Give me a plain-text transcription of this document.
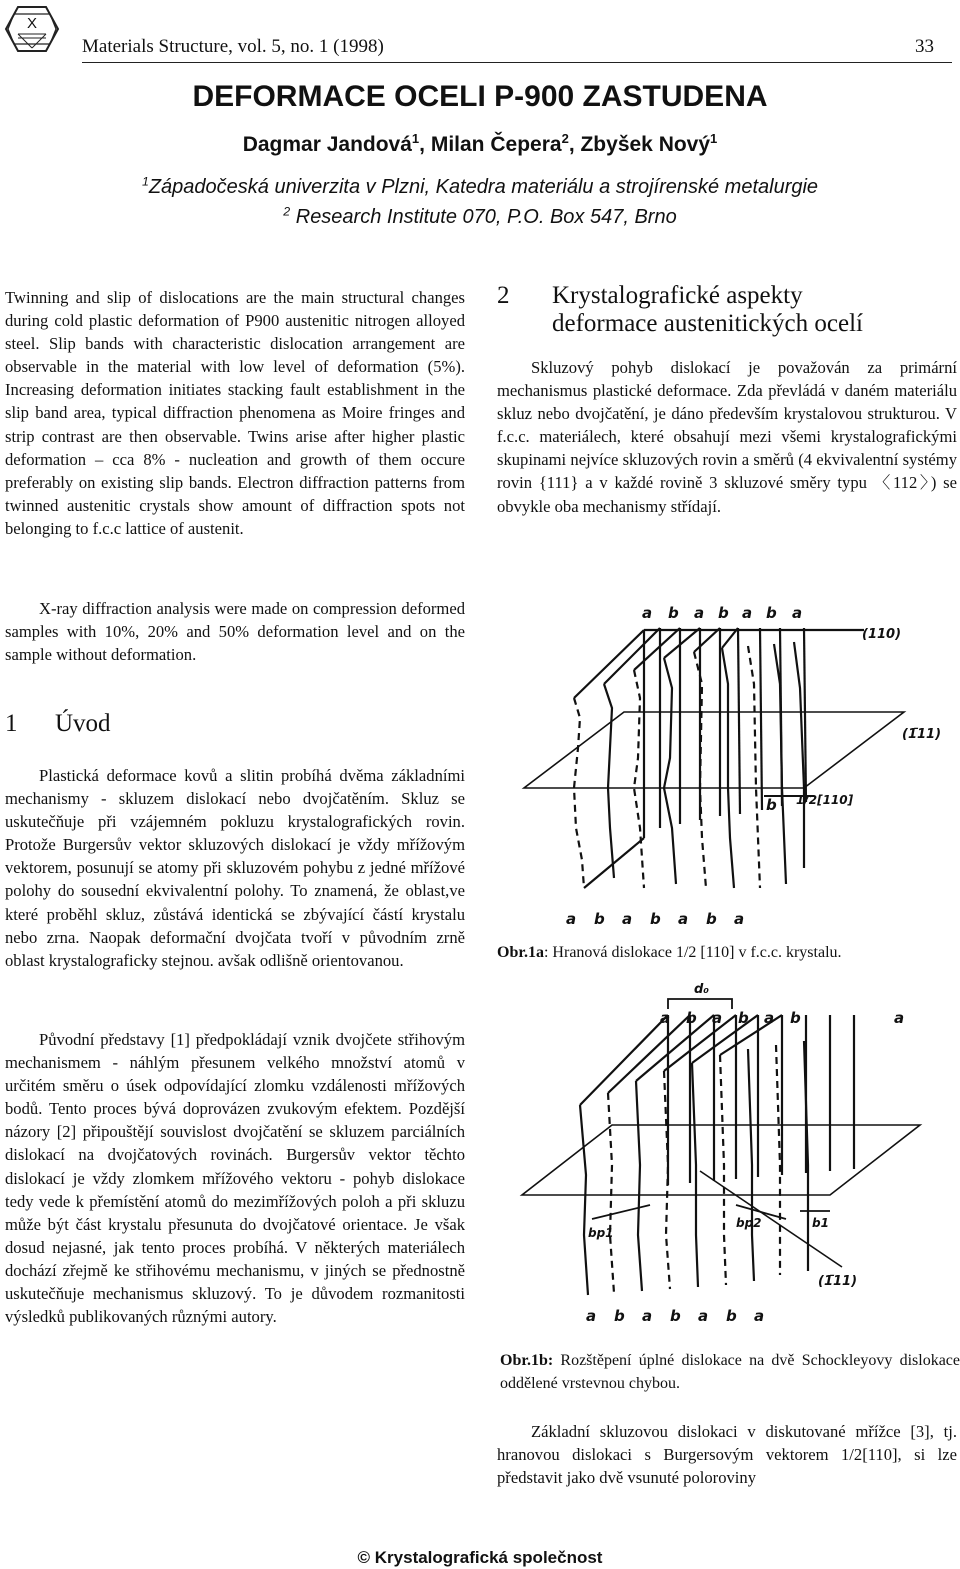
X
Materials Structure, vol. 5, no. 1 (1998)	33
DEFORMACE OCELI P-900 ZASTUDENA
Dagmar Jandová$^1$, Milan Čepera$^2$, Zbyšek Nový$^1$
$^1$Západočeská univerzita v Plzni, Katedra materiálu a strojírenské metalurgie
$^2$ Research Institute 070, P.O. Box 547, Brno

Twinning and slip of dislocations are the main structural changes during cold plastic deformation of P900 austenitic nitrogen alloyed steel. Slip bands with characteristic dislocation arrangement are observable in the material with low level of deformation (5%). Increasing deformation initiates stacking fault establishment in the slip band area, typical diffraction phenomena as Moire fringes and strip contrast are then observable. Twins arise after higher plastic deformation – cca 8% - nucleation and growth of them occure preferably on existing slip bands. Electron diffraction patterns from twinned austenitic crystals show amount of diffraction spots not belonging to f.c.c lattice of austenit.

X-ray diffraction analysis were made on compression deformed samples with 10%, 20% and 50% deformation level and on the sample without deformation.

1 Úvod

Plastická deformace kovů a slitin probíhá dvěma základními mechanismy - skluzem dislokací nebo dvojčatěním. Skluz se uskutečňuje při vzájemném pokluzu krystalografických rovin. Protože Burgersův vektor skluzových dislokací je vždy mřížovým vektorem, posunují se atomy při skluzovém pohybu z jedné mřížové polohy do sousední ekvivalentní polohy. To znamená, že oblast,ve které proběhl skluz, zůstává identická se zbývající částí krystalu nebo zrna. Naopak deformační dvojčata tvoří v původním zrně oblast krystalograficky stejnou. avšak odlišně orientovanou.

Původní představy [1] předpokládají vznik dvojčete střihovým mechanismem - náhlým přesunem velkého množství atomů v určitém směru o úsek odpovídající zlomku vzdálenosti mřížových bodů. Tento proces bývá doprovázen zvukovým efektem. Pozdější názory [2] připouštějí souvislost dvojčatění se skluzem parciálních dislokací na dvojčatových rovinách. Burgersův vektor těchto dislokací je vždy zlomkem mřížového vektoru - pohyb dislokace tedy vede k přemístění atomů do mezimřížových poloh a při skluzu může být část krystalu přesunuta do dvojčatové orientace. Je však dosud nejasné, jak tento proces probíhá. V některých materiálech dochází zřejmě ke střihovému mechanismu, v jiných se přednostně uskutečňuje mechanismus skluzový. To je důvodem rozmanitosti výsledků publikovaných různými autory.

2 Krystalografické aspekty
deformace austenitických ocelí

Skluzový pohyb dislokací je považován za primární mechanismus plastické deformace. Zda převládá v daném materiálu skluz nebo dvojčatění, je dáno především krystalovou strukturou. V f.c.c. materiálech, které obsahují mezi všemi krystalografickými skupinami nejvíce skluzových rovin a směrů (4 ekvivalentní systémy rovin {111} a v každé rovině 3 skluzové směry typu 〈112〉) se obvykle oba mechanismy střídají.

a b a b a b a
a b a b a b a
(110)
(1̄11)
b 1/2[110]
Obr.1a: Hranová dislokace 1/2 [110] v f.c.c. krystalu.
d₀
a b a b a b	a
a b a b a b a
bp1
bp2	b1
(1̄11)
Obr.1b: Rozštěpení úplné dislokace na dvě Schockleyovy dislokace oddělené vrstevnou chybou.

Základní skluzovou dislokaci v diskutované mřížce [3], tj. hranovou dislokaci s Burgersovým vektorem 1/2[110], si lze představit jako dvě vsunuté poloroviny

© Krystalografická společnost
